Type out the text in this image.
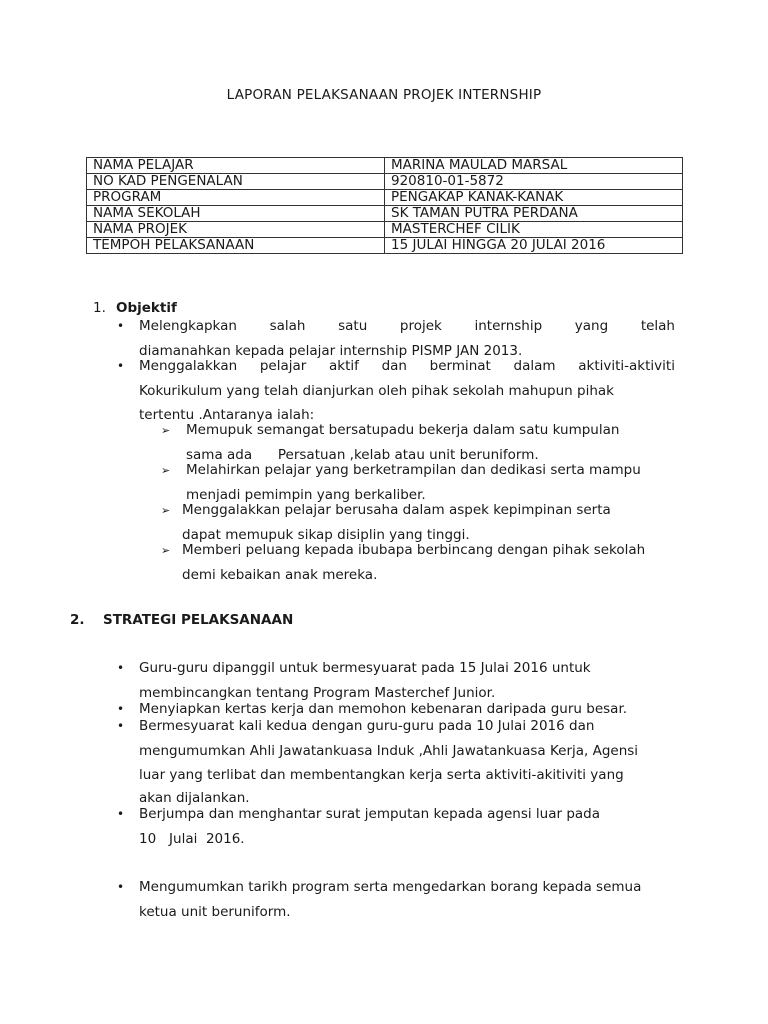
LAPORAN PELAKSANAAN PROJEK INTERNSHIP
NAMA PELAJAR	MARINA MAULAD MARSAL
NO KAD PENGENALAN	920810-01-5872
PROGRAM	PENGAKAP KANAK-KANAK
NAMA SEKOLAH	SK TAMAN PUTRA PERDANA
NAMA PROJEK	MASTERCHEF CILIK
TEMPOH PELAKSANAAN	15 JULAI HINGGA 20 JULAI 2016
1. Objektif
• Melengkapkan salah satu projek internship yang telah
diamanahkan kepada pelajar internship PISMP JAN 2013.
• Menggalakkan pelajar aktif dan berminat dalam aktiviti-aktiviti
Kokurikulum yang telah dianjurkan oleh pihak sekolah mahupun pihak
tertentu .Antaranya ialah:
➢ Memupuk semangat bersatupadu bekerja dalam satu kumpulan
sama ada      Persatuan ,kelab atau unit beruniform.
➢ Melahirkan pelajar yang berketrampilan dan dedikasi serta mampu
menjadi pemimpin yang berkaliber.
➢ Menggalakkan pelajar berusaha dalam aspek kepimpinan serta
dapat memupuk sikap disiplin yang tinggi.
➢ Memberi peluang kepada ibubapa berbincang dengan pihak sekolah
demi kebaikan anak mereka.
2. STRATEGI PELAKSANAAN
• Guru-guru dipanggil untuk bermesyuarat pada 15 Julai 2016 untuk
membincangkan tentang Program Masterchef Junior.
• Menyiapkan kertas kerja dan memohon kebenaran daripada guru besar.
• Bermesyuarat kali kedua dengan guru-guru pada 10 Julai 2016 dan
mengumumkan Ahli Jawatankuasa Induk ,Ahli Jawatankuasa Kerja, Agensi
luar yang terlibat dan membentangkan kerja serta aktiviti-akitiviti yang
akan dijalankan.
• Berjumpa dan menghantar surat jemputan kepada agensi luar pada
10   Julai  2016.
• Mengumumkan tarikh program serta mengedarkan borang kepada semua
ketua unit beruniform.
